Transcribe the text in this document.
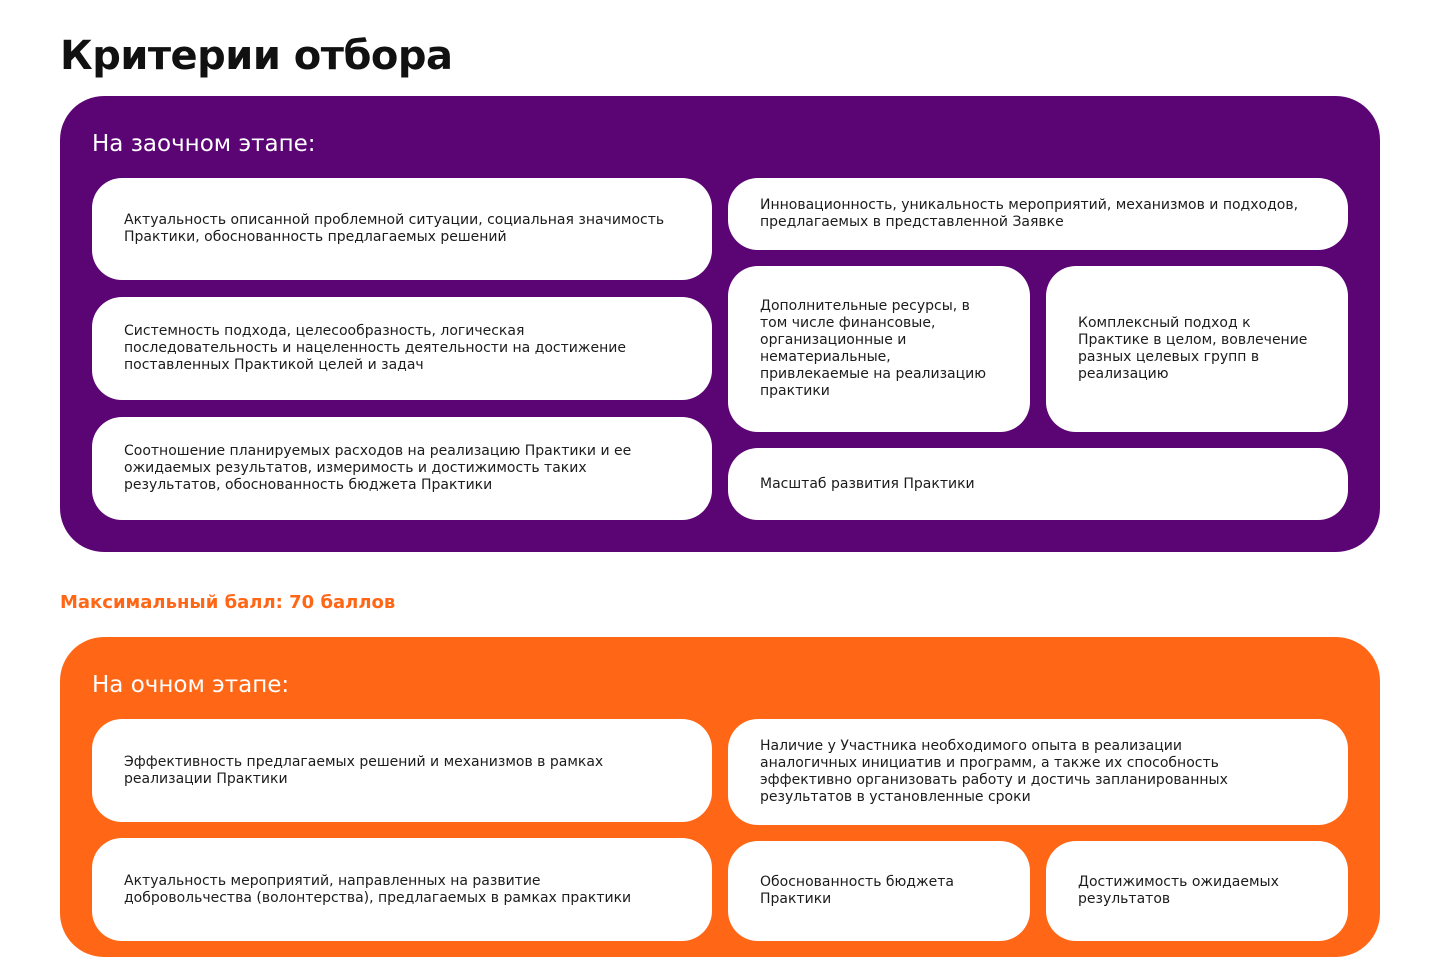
Критерии отбора
На заочном этапе:
Актуальность описанной проблемной ситуации, социальная значимость Практики, обоснованность предлагаемых решений
Системность подхода, целесообразность, логическая последовательность и нацеленность деятельности на достижение поставленных Практикой целей и задач
Соотношение планируемых расходов на реализацию Практики и ее ожидаемых результатов, измеримость и достижимость таких результатов, обоснованность бюджета Практики
Инновационность, уникальность мероприятий, механизмов и подходов, предлагаемых в представленной Заявке
Дополнительные ресурсы, в том числе финансовые, организационные и нематериальные, привлекаемые на реализацию практики
Комплексный подход к Практике в целом, вовлечение разных целевых групп в реализацию
Масштаб развития Практики
Максимальный балл: 70 баллов
На очном этапе:
Эффективность предлагаемых решений и механизмов в рамках реализации Практики
Наличие у Участника необходимого опыта в реализации аналогичных инициатив и программ, а также их способность эффективно организовать работу и достичь запланированных результатов в установленные сроки
Актуальность мероприятий, направленных на развитие добровольчества (волонтерства), предлагаемых в рамках практики
Обоснованность бюджета Практики
Достижимость ожидаемых результатов
